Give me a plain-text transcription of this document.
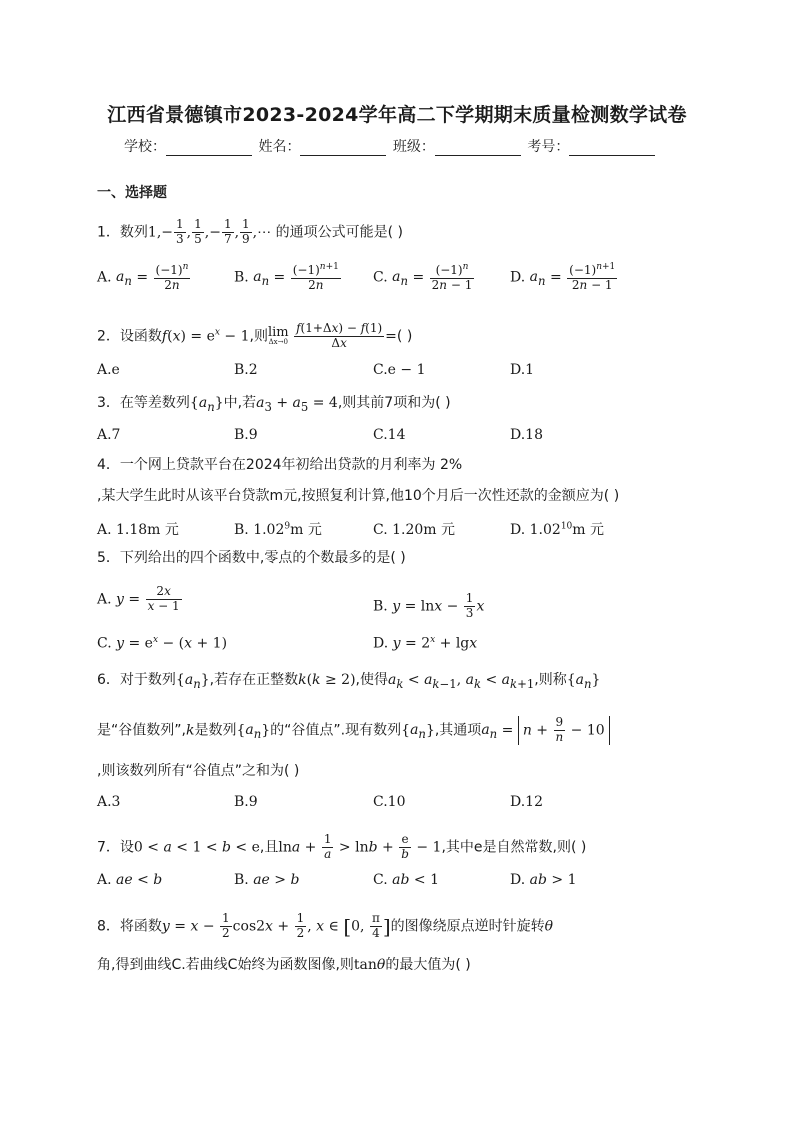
江西省景德镇市2023-2024学年高二下学期期末质量检测数学试卷
学校：	姓名：	班级：	考号：
一、选择题
1．数列$1,- \frac{1}{3}$ , $\frac{1}{5}$ ,− $\frac{1}{7}$ , $\frac{1}{9}$ ,⋯ 的通项公式可能是( )
A. $a_n = \frac{(-1)^n}{2n}$	B. $a_n = \frac{(-1)^{n+1}}{2n} C$. $a_n = \frac{(-1)^n}{2n - 1}$	D. $a_n = \frac{(-1)^{n+1}}{2n - 1}$
2．设函数$f(x) = e^x - 1$,则lim
Δx→0
$\frac{f(1+\Delta x) - f(1)}{\Delta x}$ =( )
A.e	B.2	C.e − 1	D.1
3．在等差数列$\{a_n\}$中,若$a_3 + a_5 = 4$,则其前7项和为( )
A.7	B.9	C.14	D.18
4．一个网上贷款平台在2024年初给出贷款的月利率为 2%
,某大学生此时从该平台贷款m元,按照复利计算,他10个月后一次性还款的金额应为( )
A. 1.18m 元	B. 1.02$^9$m 元	C. 1.20m 元	D. 1.02$^{10}$m 元
5．下列给出的四个函数中,零点的个数最多的是( )
A. $y = \frac{2x}{x - 1}$	B. $y = \ln x - \frac{1}{3}$ x
C. $y = e^x - (x + 1)$	D. $y = 2^x + \lg x$
6．对于数列$\{a_n\}$,若存在正整数k(k ≥ 2),使得$a_k < a_{k-1}$, $a_k < a_{k+1}$,则称$\{a_n\}$
是“谷值数列”,k是数列$\{a_n\}$的“谷值点”.现有数列$\{a_n\}$,其通项$a_n = n + \frac{9}{n} - 10$
,则该数列所有“谷值点”之和为( )
A.3	B.9	C.10	D.12
7．设0 < a < 1 < b < e,且$\ln a + \frac{1}{a} > \ln b + \frac{e}{b} - 1$,其中e是自然常数,则( )
A. ae < b	B. ae > b	C. ab < 1	D. ab > 1
8．将函数$y = x - \frac{1}{2} \cos 2x + \frac{1}{2}$ , x ∈ [0, $\frac{\pi}{4}$ ]的图像绕原点逆时针旋转θ
角,得到曲线C.若曲线C始终为函数图像,则tanθ的最大值为( )
